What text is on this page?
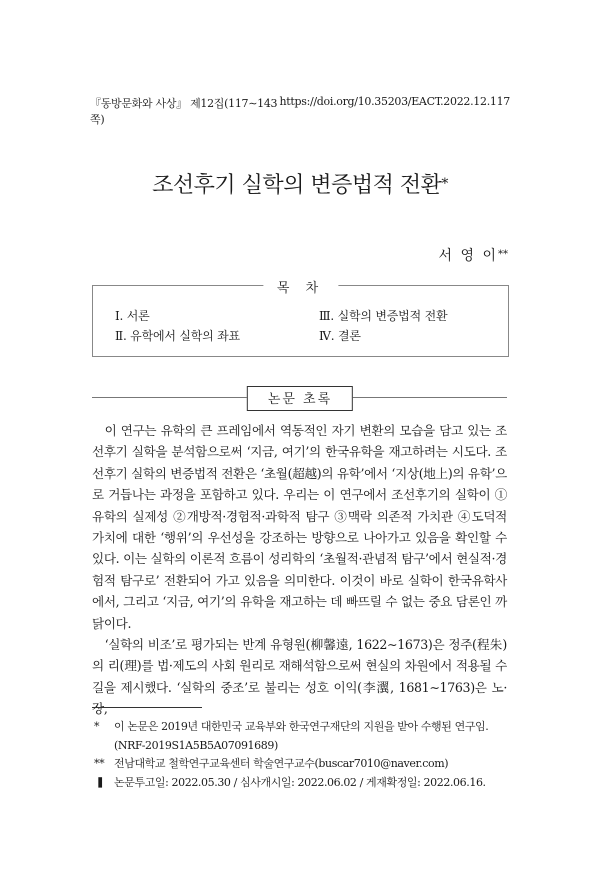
『동방문화와 사상』 제12집(117∼143쪽)
https://doi.org/10.35203/EACT.2022.12.117
조선후기 실학의 변증법적 전환*
서 영 이**
목 차
Ⅰ. 서론
Ⅱ. 유학에서 실학의 좌표
Ⅲ. 실학의 변증법적 전환
Ⅳ. 결론
논문 초록

이 연구는 유학의 큰 프레임에서 역동적인 자기 변환의 모습을 담고 있는 조선후기 실학을 분석함으로써 ‘지금, 여기’의 한국유학을 재고하려는 시도다. 조선후기 실학의 변증법적 전환은 ‘초월(超越)의 유학’에서 ‘지상(地上)의 유학’으로 거듭나는 과정을 포함하고 있다. 우리는 이 연구에서 조선후기의 실학이 ①유학의 실제성 ②개방적·경험적·과학적 탐구 ③맥락 의존적 가치관 ④도덕적 가치에 대한 ‘행위’의 우선성을 강조하는 방향으로 나아가고 있음을 확인할 수 있다. 이는 실학의 이론적 흐름이 성리학의 ‘초월적·관념적 탐구’에서 현실적·경험적 탐구로’ 전환되어 가고 있음을 의미한다. 이것이 바로 실학이 한국유학사에서, 그리고 ‘지금, 여기’의 유학을 재고하는 데 빠뜨릴 수 없는 중요 담론인 까닭이다.

‘실학의 비조’로 평가되는 반계 유형원(柳馨遠, 1622∼1673)은 정주(程朱)의 리(理)를 법·제도의 사회 원리로 재해석함으로써 현실의 차원에서 적용될 수 길을 제시했다. ‘실학의 중조’로 불리는 성호 이익(李瀷, 1681∼1763)은 노·장,

* 이 논문은 2019년 대한민국 교육부와 한국연구재단의 지원을 받아 수행된 연구임. (NRF-2019S1A5B5A07091689)
** 전남대학교 철학연구교육센터 학술연구교수(buscar7010@naver.com)
❚ 논문투고일: 2022.05.30 / 심사개시일: 2022.06.02 / 게재확정일: 2022.06.16.
